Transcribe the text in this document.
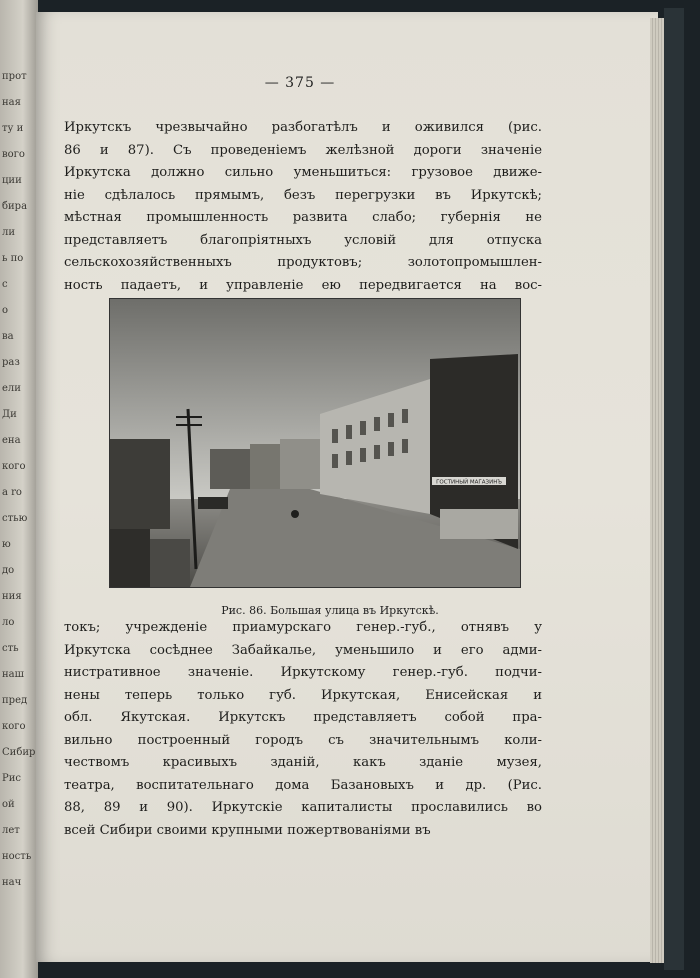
прот
ная
ту и
вого
ции
бира
ли
ь по
с
о
ва
раз
ели
Ди
ена
кого
a ro
стью
ю
до
ния
ло
сть
наш
пред
кого
Сибир
Рис
ой
лет
ность
нач
— 375 —

Иркутскъ чрезвычайно разбогатѣлъ и оживился (рис.
86 и 87). Съ проведеніемъ желѣзной дороги значеніе
Иркутска должно сильно уменьшиться: грузовое движе-
ніе сдѣлалось прямымъ, безъ перегрузки въ Иркутскѣ;
мѣстная промышленность развита слабо; губернія не
представляетъ благопріятныхъ условій для отпуска
сельскохозяйственныхъ продуктовъ; золотопромышлен-
ность падаетъ, и управленіе ею передвигается на вос-

ГОСТИНЫЙ МАГАЗИНЪ
Рис. 86. Большая улица въ Иркутскѣ.

токъ; учрежденіе приамурскаго генер.-губ., отнявъ у
Иркутска сосѣднее Забайкалье, уменьшило и его адми-
нистративное значеніе. Иркутскому генер.-губ. подчи-
нены теперь только губ. Иркутская, Енисейская и
обл. Якутская. Иркутскъ представляетъ собой пра-
вильно построенный городъ съ значительнымъ коли-
чествомъ красивыхъ зданій, какъ зданіе музея,
театра, воспитательнаго дома Базановыхъ и др. (Рис.
88, 89 и 90). Иркутскіе капиталисты прославились во
всей Сибири своими крупными пожертвованіями въ
